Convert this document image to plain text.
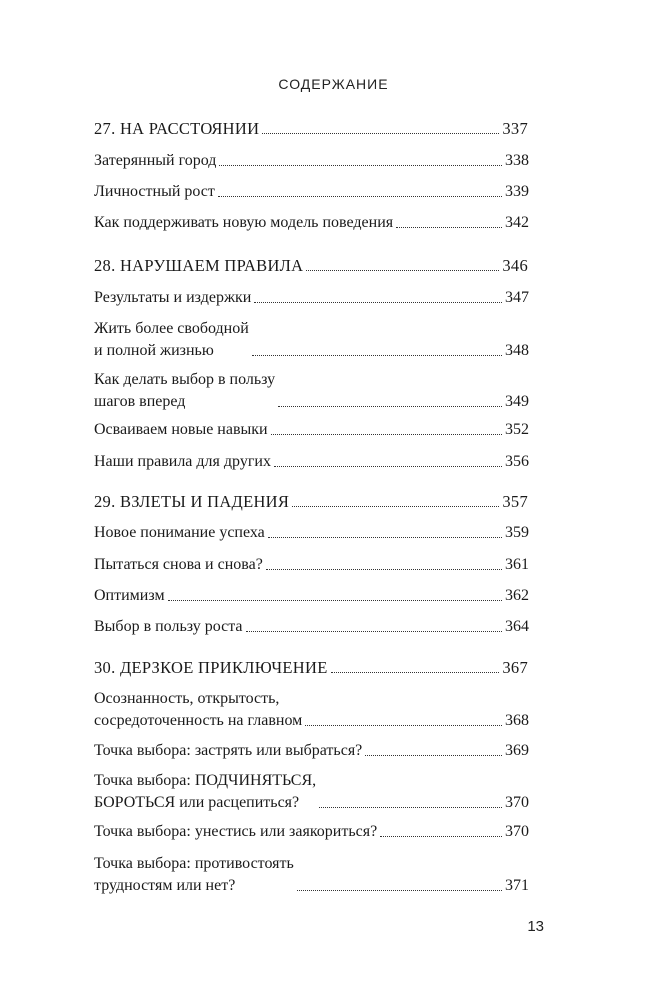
СОДЕРЖАНИЕ
27. НА РАССТОЯНИИ	337
Затерянный город	338
Личностный рост	339
Как поддерживать новую модель поведения	342
28. НАРУШАЕМ ПРАВИЛА	346
Результаты и издержки	347
Жить более свободной
и полной жизнью	348
Как делать выбор в пользу
шагов вперед	349
Осваиваем новые навыки	352
Наши правила для других	356
29. ВЗЛЕТЫ И ПАДЕНИЯ	357
Новое понимание успеха	359
Пытаться снова и снова?	361
Оптимизм	362
Выбор в пользу роста	364
30. ДЕРЗКОЕ ПРИКЛЮЧЕНИЕ	367
Осознанность, открытость,
сосредоточенность на главном	368
Точка выбора: застрять или выбраться?	369
Точка выбора: ПОДЧИНЯТЬСЯ,
БОРОТЬСЯ или расцепиться?	370
Точка выбора: унестись или заякориться?	370
Точка выбора: противостоять
трудностям или нет?	371
13
